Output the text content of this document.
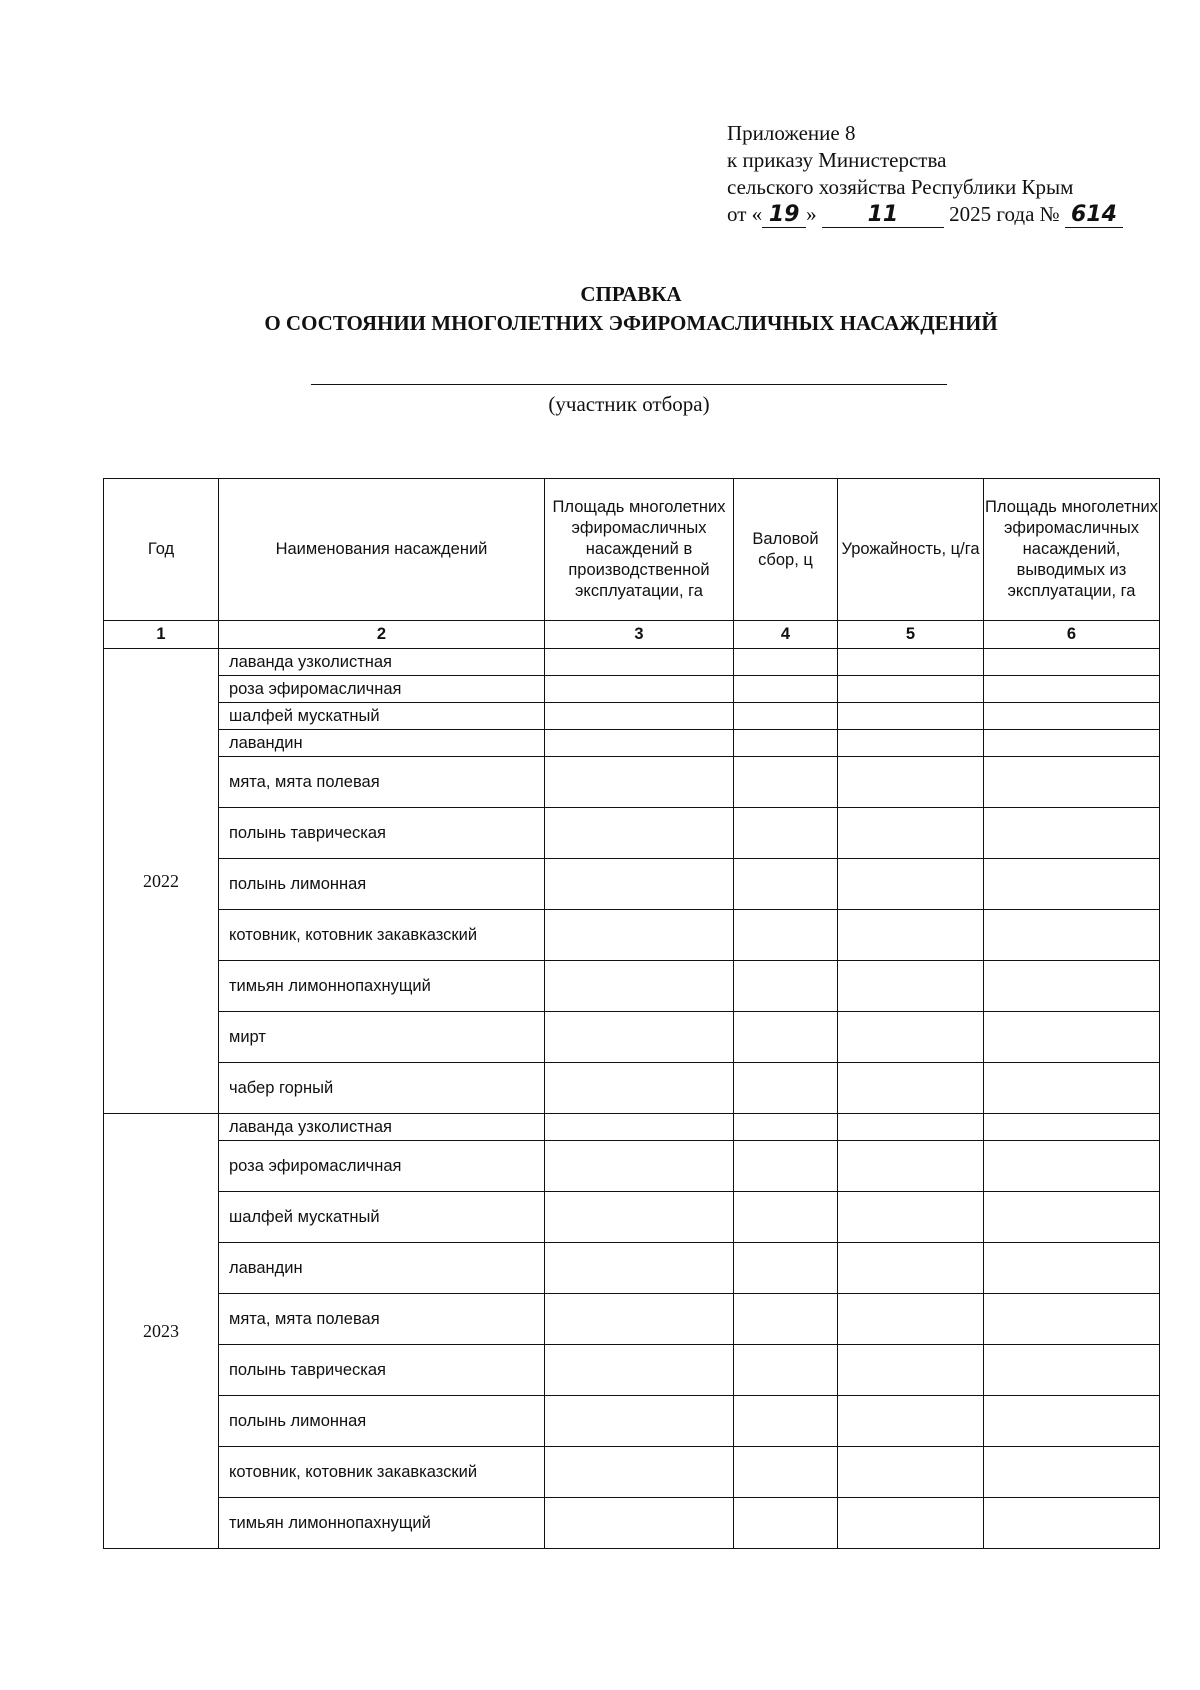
Приложение 8
к приказу Министерства
сельского хозяйства Республики Крым
от « 19 » 11 2025 года № 614
СПРАВКА
О СОСТОЯНИИ МНОГОЛЕТНИХ ЭФИРОМАСЛИЧНЫХ НАСАЖДЕНИЙ
(участник отбора)
Год	Наименования насаждений	Площадь многолетних эфиромасличных насаждений в производственной эксплуатации, га	Валовой сбор, ц	Урожайность, ц/га	Площадь многолетних эфиромасличных насаждений, выводимых из эксплуатации, га
1	2	3	4	5	6
2022	лаванда узколистная				
	роза эфиромасличная				
	шалфей мускатный				
	лавандин				
	мята, мята полевая				
	полынь таврическая				
	полынь лимонная				
	котовник, котовник закавказский				
	тимьян лимоннопахнущий				
	мирт				
	чабер горный				
2023	лаванда узколистная				
	роза эфиромасличная				
	шалфей мускатный				
	лавандин				
	мята, мята полевая				
	полынь таврическая				
	полынь лимонная				
	котовник, котовник закавказский				
	тимьян лимоннопахнущий				
